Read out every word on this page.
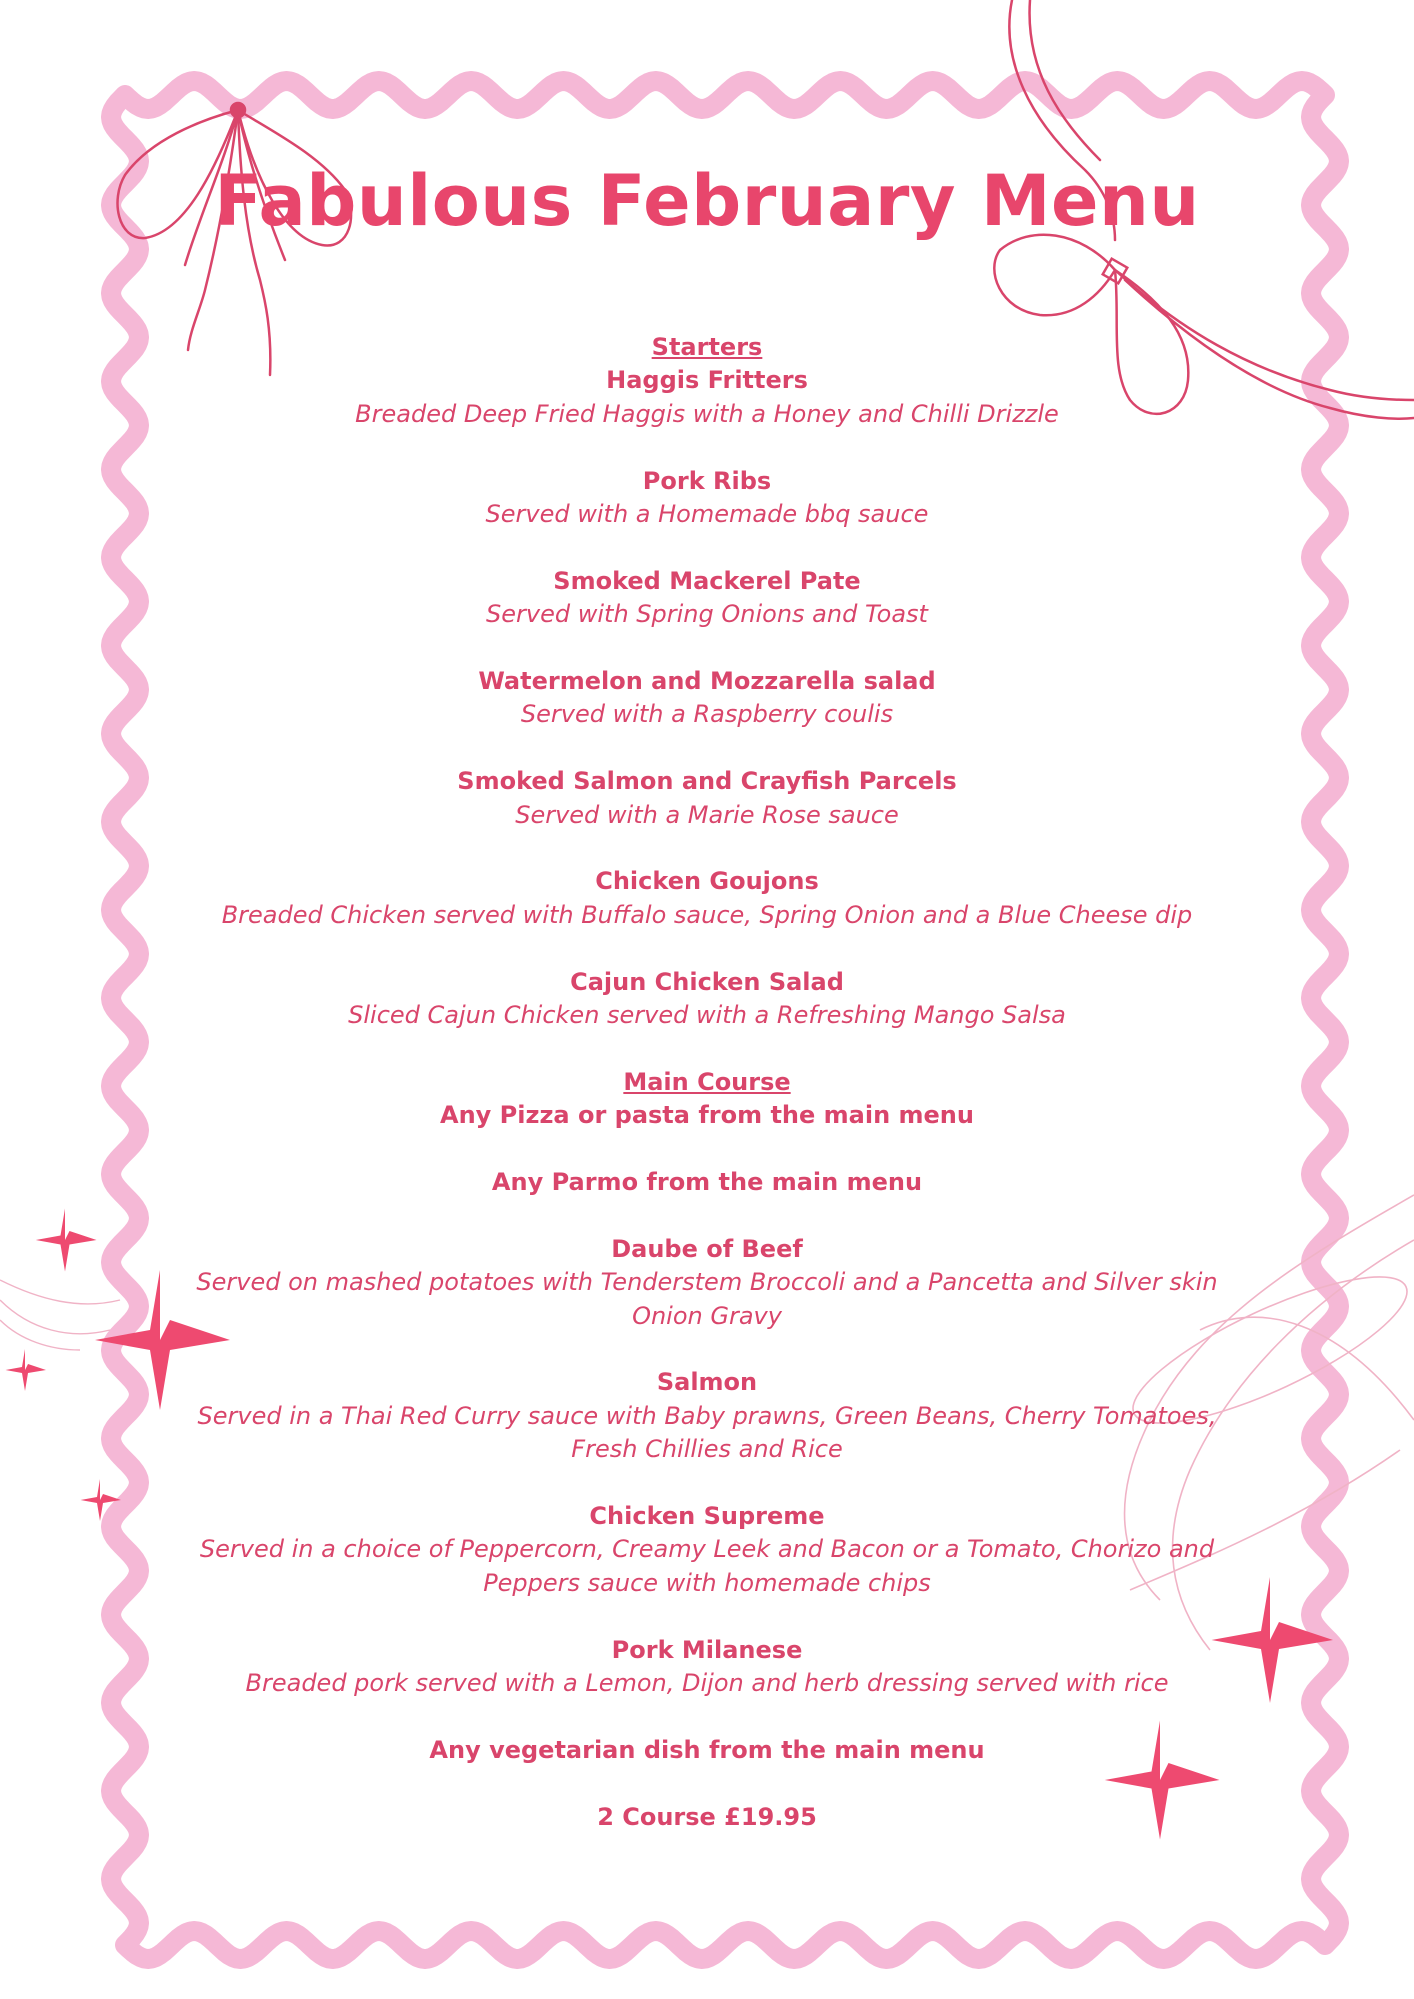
Fabulous February Menu
Starters
Haggis Fritters
Breaded Deep Fried Haggis with a Honey and Chilli Drizzle
Pork Ribs
Served with a Homemade bbq sauce
Smoked Mackerel Pate
Served with Spring Onions and Toast
Watermelon and Mozzarella salad
Served with a Raspberry coulis
Smoked Salmon and Crayfish Parcels
Served with a Marie Rose sauce
Chicken Goujons
Breaded Chicken served with Buffalo sauce, Spring Onion and a Blue Cheese dip
Cajun Chicken Salad
Sliced Cajun Chicken served with a Refreshing Mango Salsa
Main Course
Any Pizza or pasta from the main menu
Any Parmo from the main menu
Daube of Beef
Served on mashed potatoes with Tenderstem Broccoli and a Pancetta and Silver skin Onion Gravy
Salmon
Served in a Thai Red Curry sauce with Baby prawns, Green Beans, Cherry Tomatoes, Fresh Chillies and Rice
Chicken Supreme
Served in a choice of Peppercorn, Creamy Leek and Bacon or a Tomato, Chorizo and Peppers sauce with homemade chips
Pork Milanese
Breaded pork served with a Lemon, Dijon and herb dressing served with rice
Any vegetarian dish from the main menu
2 Course £19.95
